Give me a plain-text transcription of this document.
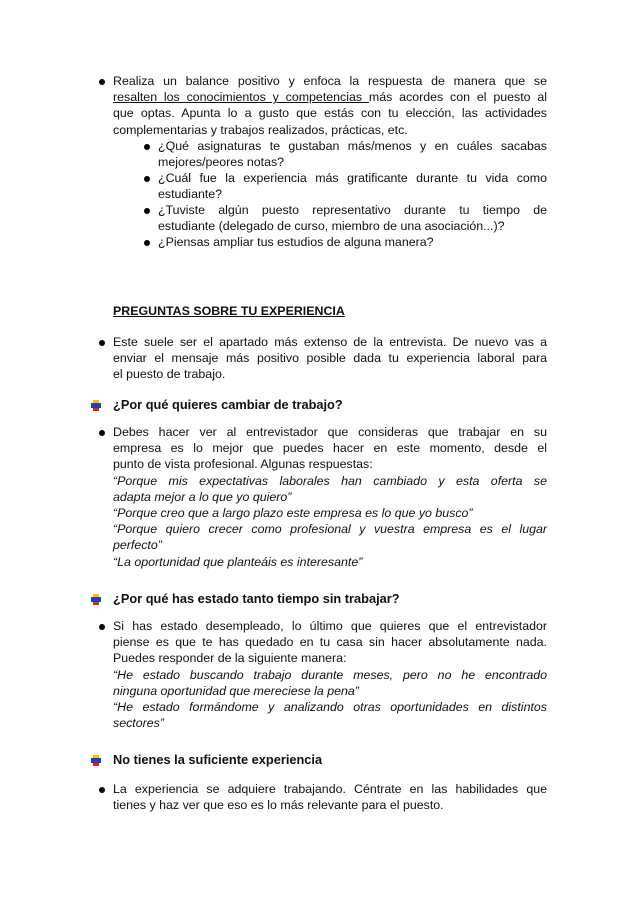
Realiza un balance positivo y enfoca la respuesta de manera que se
resalten los conocimientos y competencias más acordes con el puesto al
que optas. Apunta lo a gusto que estás con tu elección, las actividades
complementarias y trabajos realizados, prácticas, etc.
¿Qué asignaturas te gustaban más/menos y en cuáles sacabas
mejores/peores notas?
¿Cuál fue la experiencia más gratificante durante tu vida como
estudiante?
¿Tuviste algún puesto representativo durante tu tiempo de
estudiante (delegado de curso, miembro de una asociación...)?
¿Piensas ampliar tus estudios de alguna manera?
PREGUNTAS SOBRE TU EXPERIENCIA
Este suele ser el apartado más extenso de la entrevista. De nuevo vas a
enviar el mensaje más positivo posible dada tu experiencia laboral para
el puesto de trabajo.
¿Por qué quieres cambiar de trabajo?
Debes hacer ver al entrevistador que consideras que trabajar en su
empresa es lo mejor que puedes hacer en este momento, desde el
punto de vista profesional. Algunas respuestas:
“Porque mis expectativas laborales han cambiado y esta oferta se
adapta mejor a lo que yo quiero”
“Porque creo que a largo plazo este empresa es lo que yo busco”
“Porque quiero crecer como profesional y vuestra empresa es el lugar
perfecto”
“La oportunidad que planteáis es interesante”
¿Por qué has estado tanto tiempo sin trabajar?
Si has estado desempleado, lo último que quieres que el entrevistador
piense es que te has quedado en tu casa sin hacer absolutamente nada.
Puedes responder de la siguiente manera:
“He estado buscando trabajo durante meses, pero no he encontrado
ninguna oportunidad que mereciese la pena”
“He estado formándome y analizando otras oportunidades en distintos
sectores”
No tienes la suficiente experiencia
La experiencia se adquiere trabajando. Céntrate en las habilidades que
tienes y haz ver que eso es lo más relevante para el puesto.
